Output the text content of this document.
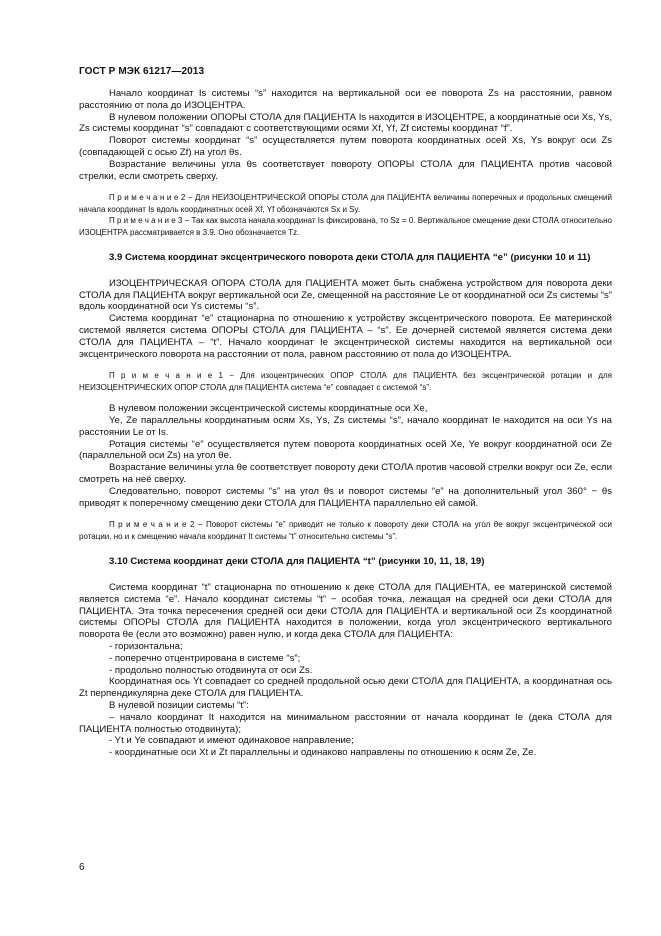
ГОСТ Р МЭК 61217—2013

Начало координат Is системы “s” находится на вертикальной оси ее поворота Zs на расстоянии, равном расстоянию от пола до ИЗОЦЕНТРА.

В нулевом положении ОПОРЫ СТОЛА для ПАЦИЕНТА Is находится в ИЗОЦЕНТРЕ, а координатные оси Xs, Ys, Zs системы координат “s” совпадают с соответствующими осями Xf, Yf, Zf системы координат “f”.

Поворот системы координат “s” осуществляется путем поворота координатных осей Xs, Ys вокруг оси Zs (совпадающей с осью Zf) на угол θs.

Возрастание величины угла θs соответствует повороту ОПОРЫ СТОЛА для ПАЦИЕНТА против часовой стрелки, если смотреть сверху.

П р и м е ч а н и е 2 − Для НЕИЗОЦЕНТРИЧЕСКОЙ ОПОРЫ СТОЛА для ПАЦИЕНТА величины поперечных и продольных смещений начала координат Is вдоль координатных осей Xf, Yf обозначаются Sx и Sy.

П р и м е ч а н и е 3 − Так как высота начала координат Is фиксирована, то Sz = 0. Вертикальное смещение деки СТОЛА относительно ИЗОЦЕНТРА рассматривается в 3.9. Оно обозначается Tz.

3.9 Система координат эксцентрического поворота деки СТОЛА для ПАЦИЕНТА “е” (рисунки 10 и 11)

ИЗОЦЕНТРИЧЕСКАЯ ОПОРА СТОЛА для ПАЦИЕНТА может быть снабжена устройством для поворота деки СТОЛА для ПАЦИЕНТА вокруг вертикальной оси Ze, смещенной на расстояние Le от координатной оси Zs системы “s” вдоль координатной оси Ys системы “s”.

Система координат “е” стационарна по отношению к устройству эксцентрического поворота. Ее материнской системой является система ОПОРЫ СТОЛА для ПАЦИЕНТА – “s”. Ее дочерней системой является система деки СТОЛА для ПАЦИЕНТА – “t”. Начало координат Ie эксцентрической системы находится на вертикальной оси эксцентрического поворота на расстоянии от пола, равном расстоянию от пола до ИЗОЦЕНТРА.

П р и м е ч а н и е 1 − Для изоцентрических ОПОР СТОЛА для ПАЦИЕНТА без эксцентрической ротации и для НЕИЗОЦЕНТРИЧЕСКИХ ОПОР СТОЛА для ПАЦИЕНТА система “е” совпадает с системой “s”.

В нулевом положении эксцентрической системы координатные оси Xe,

Ye, Ze параллельны координатным осям Xs, Ys, Zs системы “s”, начало координат Ie находится на оси Ys на расстоянии Le от Is.

Ротация системы “е” осуществляется путем поворота координатных осей Xe, Ye вокруг координатной оси Ze (параллельной оси Zs) на угол θe.

Возрастание величины угла θe соответствует повороту деки СТОЛА против часовой стрелки вокруг оси Ze, если смотреть на неё сверху.

Следовательно, поворот системы “s” на угол θs и поворот системы “е” на дополнительный угол 360° − θs приводят к поперечному смещению деки СТОЛА для ПАЦИЕНТА параллельно ей самой.

П р и м е ч а н и е 2 − Поворот системы “е” приводит не только к повороту деки СТОЛА на угол θe вокруг эксцентрической оси ротации, но и к смещению начала координат It системы “t” относительно системы “s”.

3.10 Система координат деки СТОЛА для ПАЦИЕНТА “t” (рисунки 10, 11, 18, 19)

Система координат “t” стационарна по отношению к деке СТОЛА для ПАЦИЕНТА, ее материнской системой является система “е”. Начало координат системы “t” − особая точка, лежащая на средней оси деки СТОЛА для ПАЦИЕНТА. Эта точка пересечения средней оси деки СТОЛА для ПАЦИЕНТА и вертикальной оси Zs координатной системы ОПОРЫ СТОЛА для ПАЦИЕНТА находится в положении, когда угол эксцентрического вертикального поворота θe (если это возможно) равен нулю, и когда дека СТОЛА для ПАЦИЕНТА:

- горизонтальна;

- поперечно отцентрирована в системе “s”;

- продольно полностью отодвинута от оси Zs.

Координатная ось Yt совпадает со средней продольной осью деки СТОЛА для ПАЦИЕНТА, а координатная ось Zt перпендикулярна деке СТОЛА для ПАЦИЕНТА.

В нулевой позиции системы “t”:

– начало координат It находится на минимальном расстоянии от начала координат Ie (дека СТОЛА для ПАЦИЕНТА полностью отодвинута);

- Yt и Ye совпадают и имеют одинаковое направление;

- координатные оси Xt и Zt параллельны и одинаково направлены по отношению к осям Ze, Ze.

6
